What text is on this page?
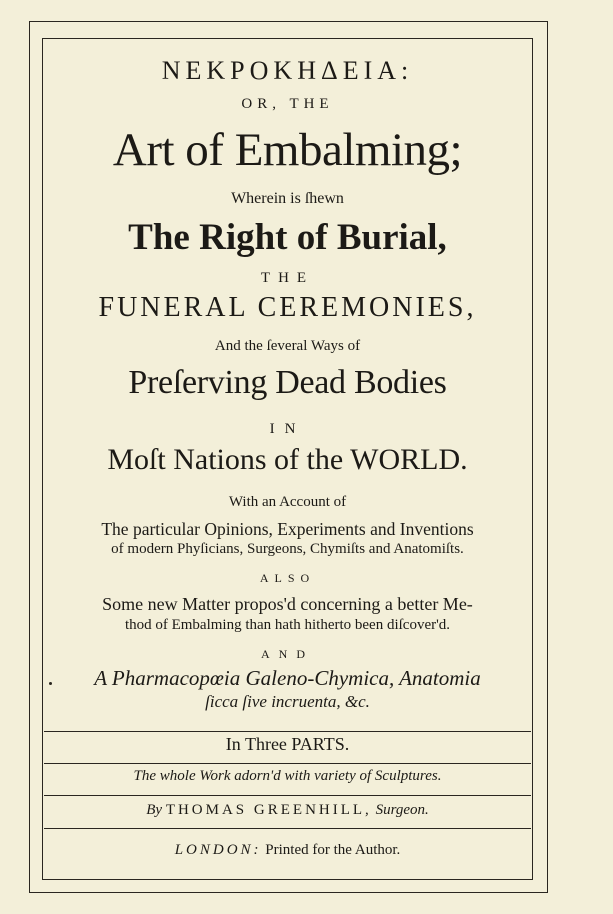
ΝΕΚΡΟΚΗΔΕΙΑ:
OR, THE
Art of Embalming;
Wherein is ſhewn
The Right of Burial,
THE
FUNERAL CEREMONIES,
And the ſeveral Ways of
Preſerving Dead Bodies
IN
Moſt Nations of the WORLD.
With an Account of
The particular Opinions, Experiments and Inventions
of modern Phyſicians, Surgeons, Chymiſts and Anatomiſts.
ALSO
Some new Matter propos'd concerning a better Me-
thod of Embalming than hath hitherto been diſcover'd.
AND
A Pharmacopœia Galeno-Chymica, Anatomia
ſicca ſive incruenta, &c.
In Three PARTS.
The whole Work adorn'd with variety of Sculptures.
By THOMAS GREENHILL, Surgeon.
LONDON: Printed for the Author.
